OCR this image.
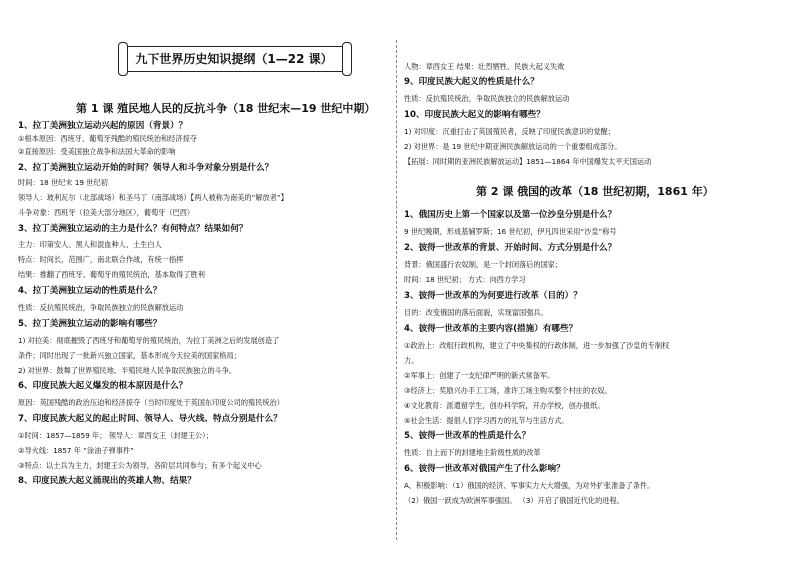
九下世界历史知识提纲（1—22 课）
第 1 课 殖民地人民的反抗斗争（18 世纪末—19 世纪中期）
1、拉丁美洲独立运动兴起的原因（背景）？
①根本原因：西班牙、葡萄牙残酷的殖民统治和经济掠夺
②直接原因：受美国独立战争和法国大革命的影响
2、拉丁美洲独立运动开始的时间？领导人和斗争对象分别是什么？
时间：18 世纪末 19 世纪初
领导人：玻利瓦尔（北部战场）和圣马丁（南部战场）【两人被称为南美的“解放者”】
斗争对象：西班牙（拉美大部分地区），葡萄牙（巴西）
3、拉丁美洲独立运动的主力是什么？有何特点？结果如何？
主力：印第安人、黑人和混血种人、土生白人
特点：时间长，范围广，南北联合作战，有统一指挥
结果：推翻了西班牙、葡萄牙的殖民统治，基本取得了胜利
4、拉丁美洲独立运动的性质是什么？
性质：反抗殖民统治，争取民族独立的民族解放运动
5、拉丁美洲独立运动的影响有哪些？
1) 对拉美：彻底摧毁了西班牙和葡萄牙的殖民统治，为拉丁美洲之后的发展创造了
条件；同时出现了一批新兴独立国家，基本形成今天拉美的国家格局；
2) 对世界：鼓舞了世界殖民地、半殖民地人民争取民族独立的斗争。
6、印度民族大起义爆发的根本原因是什么？
原因：英国残酷的政治压迫和经济掠夺（当时印度处于英国东印度公司的殖民统治）
7、印度民族大起义的起止时间、领导人、导火线、特点分别是什么？
①时间：1857—1859 年； 领导人：章西女王（封建王公）；
②导火线：1857 年 “涂油子弹事件”
③特点：以士兵为主力，封建王公为领导，各阶层共同参与；有多个起义中心
8、印度民族大起义涌现出的英雄人物、结果？
人物：章西女王 结果：壮烈牺牲、民族大起义失败
9、印度民族大起义的性质是什么？
性质：反抗殖民统治，争取民族独立的民族解放运动
10、印度民族大起义的影响有哪些？
1) 对印度：沉重打击了英国殖民者，反映了印度民族意识的觉醒；
2) 对世界：是 19 世纪中期亚洲民族解放运动的一个重要组成部分。
【拓展：同时期的亚洲民族解放运动】1851—1864 年中国爆发太平天国运动
第 2 课 俄国的改革（18 世纪初期，1861 年）
1、俄国历史上第一个国家以及第一位沙皇分别是什么？
9 世纪晚期，形成基辅罗斯；16 世纪初，伊凡四世采用“沙皇”称号
2、彼得一世改革的背景、开始时间、方式分别是什么？
背景：俄国盛行农奴制，是一个封闭落后的国家；
时间：18 世纪初； 方式：向西方学习
3、彼得一世改革的为何要进行改革（目的）？
目的：改变俄国的落后面貌，实现富国强兵。
4、彼得一世改革的主要内容(措施）有哪些？
①政治上：改组行政机构，建立了中央集权的行政体制，进一步加强了沙皇的专制权
力。
②军事上：创建了一支纪律严明的新式常备军。
③经济上：奖励兴办手工工场，准许工场主购买整个村庄的农奴。
④文化教育：派遣留学生，创办科学院，开办学校，创办报纸。
⑤社会生活：提倡人们学习西方的礼节与生活方式。
5、彼得一世改革的性质是什么？
性质：自上而下的封建地主阶级性质的改革
6、彼得一世改革对俄国产生了什么影响？
A、积极影响：（1）俄国的经济、军事实力大大增强，为对外扩张准备了条件。
（2）俄国一跃成为欧洲军事强国。 （3）开启了俄国近代化的进程。
